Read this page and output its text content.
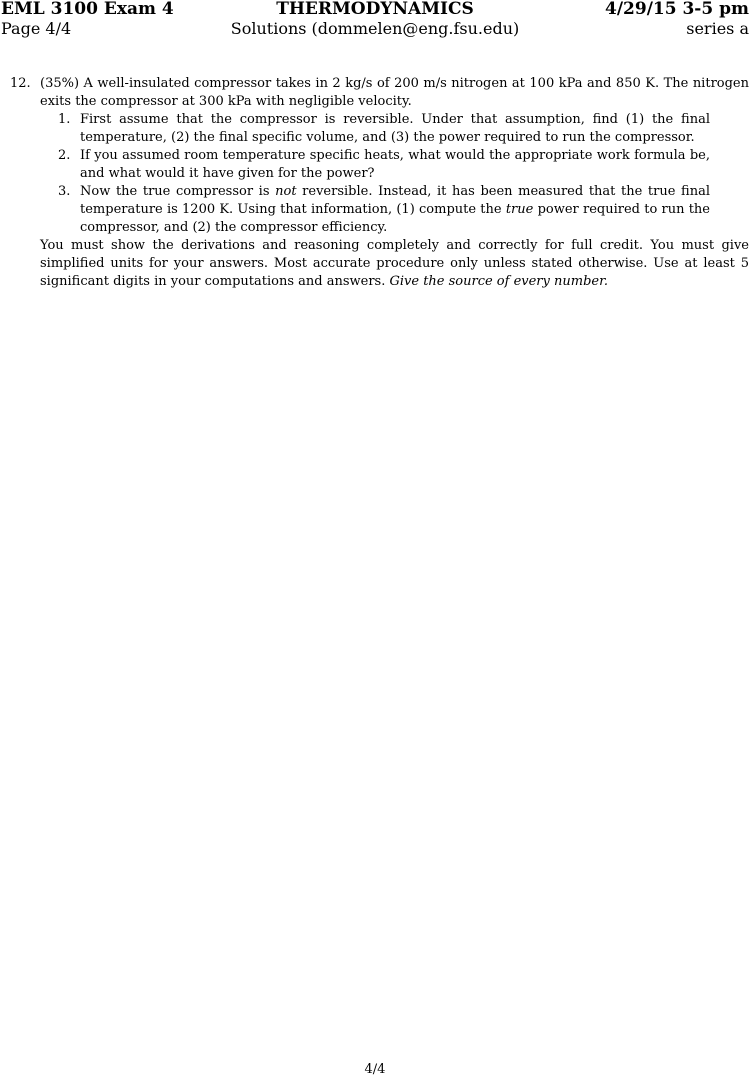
THERMODYNAMICS
Solutions (dommelen@eng.fsu.edu)
EML 3100 Exam 4
Page 4/4
4/29/15 3-5 pm
series a
12. (35%) A well-insulated compressor takes in 2 kg/s of 200 m/s nitrogen at 100 kPa and 850 K. The nitrogen exits the compressor at 300 kPa with negligible velocity.
1. First assume that the compressor is reversible. Under that assumption, find (1) the final temperature, (2) the final specific volume, and (3) the power required to run the compressor.
2. If you assumed room temperature specific heats, what would the appropriate work formula be, and what would it have given for the power?
3. Now the true compressor is not reversible. Instead, it has been measured that the true final temperature is 1200 K. Using that information, (1) compute the true power required to run the compressor, and (2) the compressor efficiency.
You must show the derivations and reasoning completely and correctly for full credit. You must give simplified units for your answers. Most accurate procedure only unless stated otherwise. Use at least 5 significant digits in your computations and answers. Give the source of every number.
4/4
